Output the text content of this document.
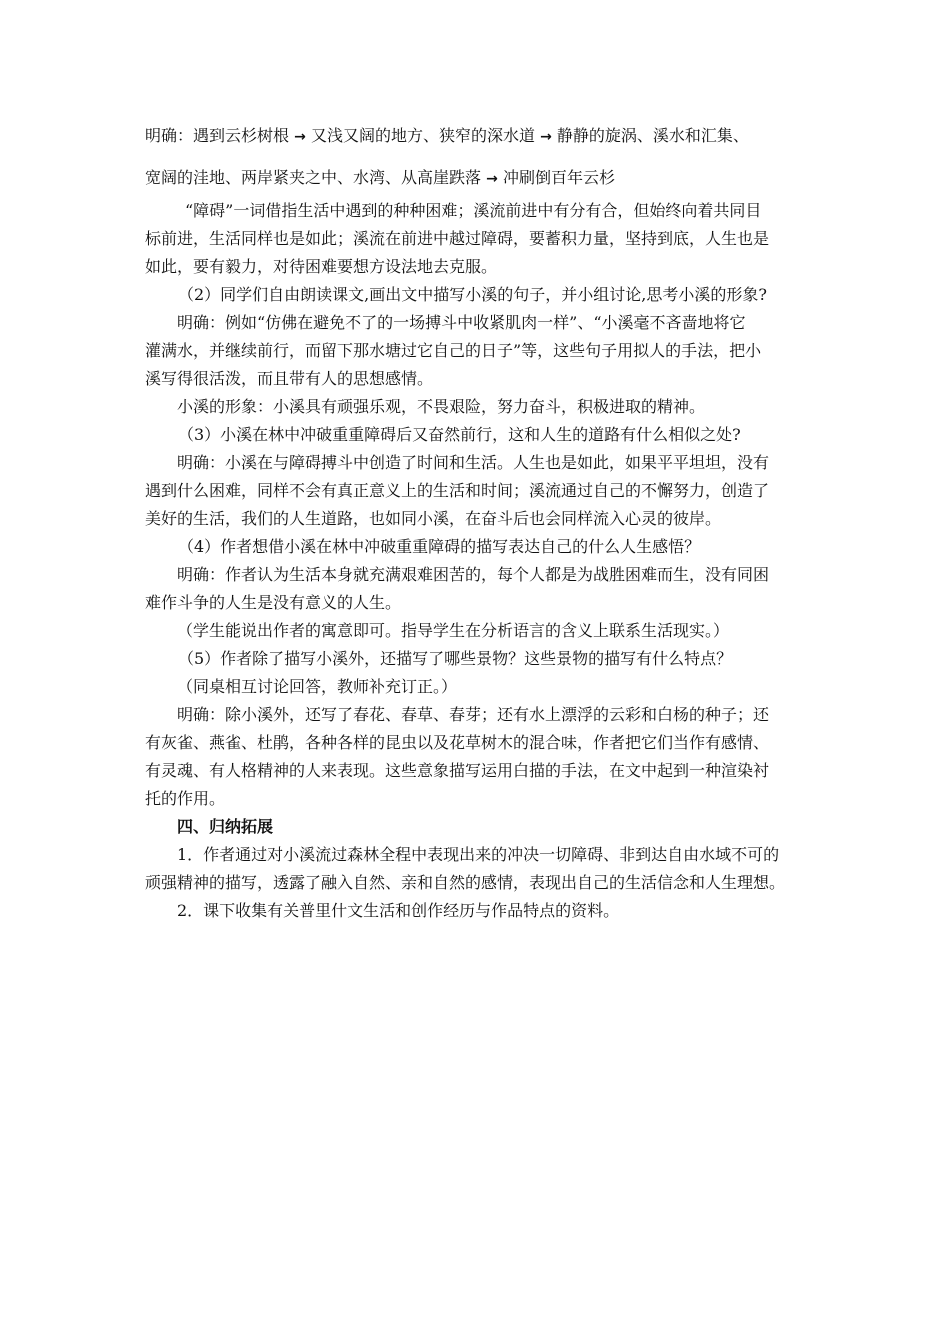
明确：遇到云杉树根 → 又浅又阔的地方、狭窄的深水道 → 静静的旋涡、溪水和汇集、
宽阔的洼地、两岸紧夹之中、水湾、从高崖跌落 → 冲刷倒百年云杉
“障碍”一词借指生活中遇到的种种困难；溪流前进中有分有合，但始终向着共同目
标前进，生活同样也是如此；溪流在前进中越过障碍，要蓄积力量，坚持到底，人生也是
如此，要有毅力，对待困难要想方设法地去克服。
（2）同学们自由朗读课文,画出文中描写小溪的句子，并小组讨论,思考小溪的形象?
明确：例如“仿佛在避免不了的一场搏斗中收紧肌肉一样”、“小溪毫不吝啬地将它
灌满水，并继续前行，而留下那水塘过它自己的日子”等，这些句子用拟人的手法，把小
溪写得很活泼，而且带有人的思想感情。
小溪的形象：小溪具有顽强乐观，不畏艰险，努力奋斗，积极进取的精神。
（3）小溪在林中冲破重重障碍后又奋然前行，这和人生的道路有什么相似之处?
明确：小溪在与障碍搏斗中创造了时间和生活。人生也是如此，如果平平坦坦，没有
遇到什么困难，同样不会有真正意义上的生活和时间；溪流通过自己的不懈努力，创造了
美好的生活，我们的人生道路，也如同小溪，在奋斗后也会同样流入心灵的彼岸。
（4）作者想借小溪在林中冲破重重障碍的描写表达自己的什么人生感悟？
明确：作者认为生活本身就充满艰难困苦的，每个人都是为战胜困难而生，没有同困
难作斗争的人生是没有意义的人生。
（学生能说出作者的寓意即可。指导学生在分析语言的含义上联系生活现实。）
（5）作者除了描写小溪外，还描写了哪些景物？这些景物的描写有什么特点？
（同桌相互讨论回答，教师补充订正。）
明确：除小溪外，还写了春花、春草、春芽；还有水上漂浮的云彩和白杨的种子；还
有灰雀、燕雀、杜鹃，各种各样的昆虫以及花草树木的混合味，作者把它们当作有感情、
有灵魂、有人格精神的人来表现。这些意象描写运用白描的手法，在文中起到一种渲染衬
托的作用。
四、归纳拓展
1．作者通过对小溪流过森林全程中表现出来的冲决一切障碍、非到达自由水域不可的
顽强精神的描写，透露了融入自然、亲和自然的感情，表现出自己的生活信念和人生理想。
2．课下收集有关普里什文生活和创作经历与作品特点的资料。
